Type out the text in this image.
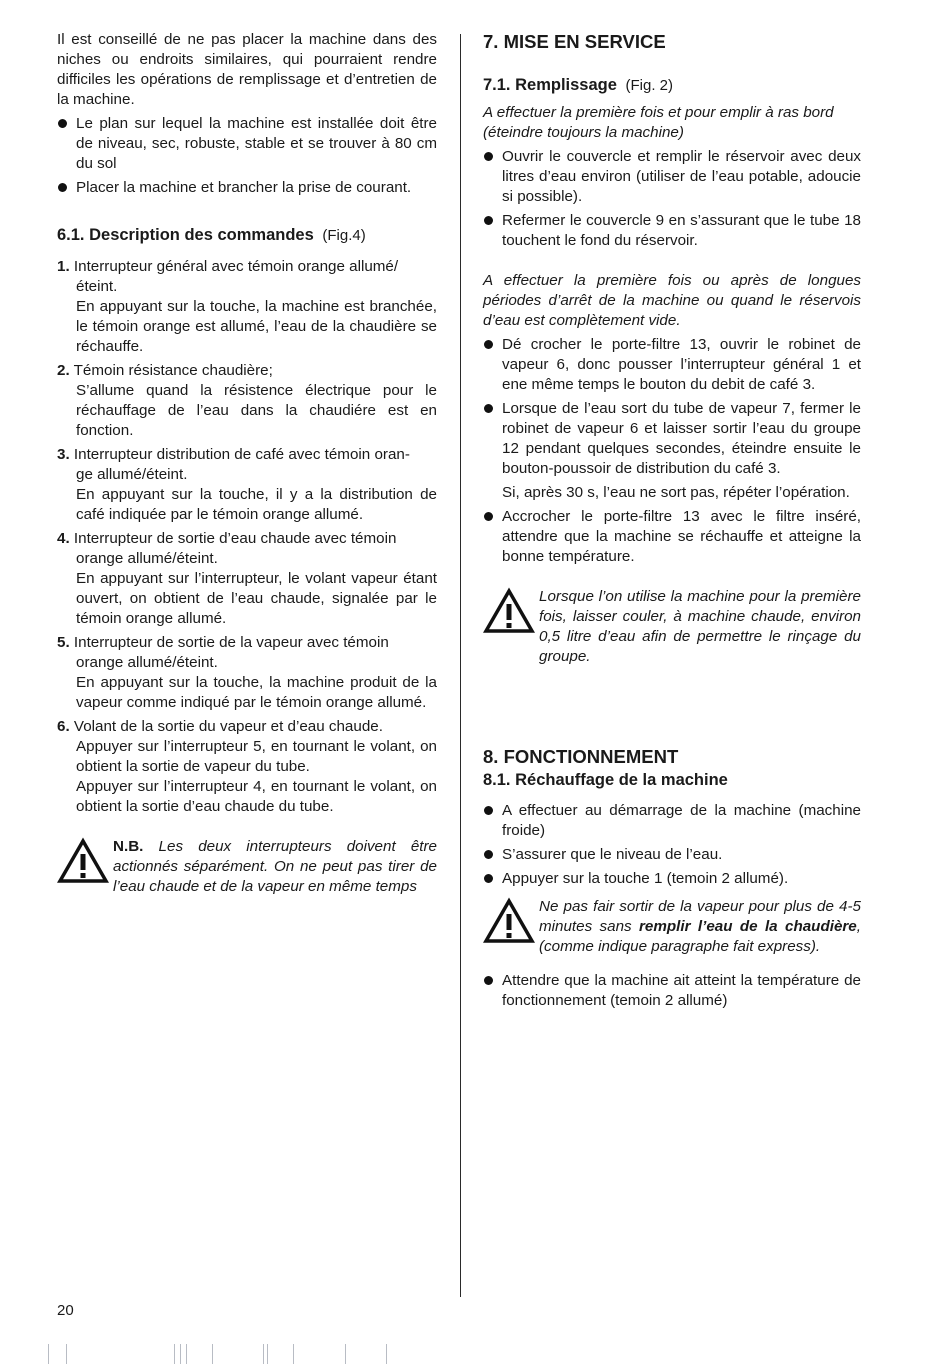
Il est conseillé de ne pas placer la machine dans des niches ou endroits similaires, qui pourraient rendre difficiles les opérations de remplissage et d’entretien de la machine.

Le plan sur lequel la machine est installée doit être de niveau, sec, robuste, stable et se trouver à 80 cm du sol

Placer la machine et brancher la prise de courant.

6.1. Description des commandes (Fig.4)
1. Interrupteur général avec témoin orange allumé/
éteint.
En appuyant sur la touche, la machine est branchée, le témoin orange est allumé, l’eau de la chaudière se réchauffe.
2. Témoin résistance chaudière;
S’allume quand la résistence électrique pour le réchauffage de l’eau dans la chaudiére est en fonction.
3. Interrupteur distribution de café avec témoin oran-
ge allumé/éteint.
En appuyant sur la touche, il y a la distribution de café indiquée par le témoin orange allumé.
4. Interrupteur de sortie d’eau chaude avec témoin
orange allumé/éteint.
En appuyant sur l’interrupteur, le volant vapeur étant ouvert, on obtient de l’eau chaude, signalée par le témoin orange allumé.
5. Interrupteur de sortie de la vapeur avec témoin
orange allumé/éteint.
En appuyant sur la touche, la machine produit de la vapeur comme indiqué par le témoin orange allumé.
6. Volant de la sortie du vapeur et d’eau chaude.
Appuyer sur l’interrupteur 5, en tournant le volant, on obtient la sortie de vapeur du tube.
Appuyer sur l’interrupteur 4, en tournant le volant, on obtient la sortie d’eau chaude du tube.
N.B. Les deux interrupteurs doivent être actionnés séparément. On ne peut pas tirer de l’eau chaude et de la vapeur en même temps
7. MISE EN SERVICE
7.1. Remplissage (Fig. 2)

A effectuer la première fois et pour emplir à ras bord (éteindre toujours la machine)

Ouvrir le couvercle et remplir le réservoir avec deux litres d’eau environ (utiliser de l’eau potable, adoucie si possible).

Refermer le couvercle 9 en s’assurant que le tube 18 touchent le fond du réservoir.

A effectuer la première fois ou après de longues périodes d’arrêt de la machine ou quand le réservois d’eau est complètement vide.

Dé crocher le porte-filtre 13, ouvrir le robinet de vapeur 6, donc pousser l’interrupteur général 1 et ene même temps le bouton du debit de café 3.

Lorsque de l’eau sort du tube de vapeur 7, fermer le robinet de vapeur 6 et laisser sortir l’eau du groupe 12 pendant quelques secondes, éteindre ensuite le bouton-poussoir de distribution du café 3.

Si, après 30 s, l’eau ne sort pas, répéter l’opération.

Accrocher le porte-filtre 13 avec le filtre inséré, attendre que la machine se réchauffe et atteigne la bonne température.

Lorsque l’on utilise la machine pour la première fois, laisser couler, à machine chaude, environ 0,5 litre d’eau afin de permettre le rinçage du groupe.
8. FONCTIONNEMENT
8.1. Réchauffage de la machine

A effectuer au démarrage de la machine (machine froide)

S’assurer que le niveau de l’eau.

Appuyer sur la touche 1 (temoin 2 allumé).

Ne pas fair sortir de la vapeur pour plus de 4-5 minutes sans remplir l’eau de la chaudière, (comme indique paragraphe fait express).

Attendre que la machine ait atteint la température de fonctionnement (temoin 2 allumé)

20
